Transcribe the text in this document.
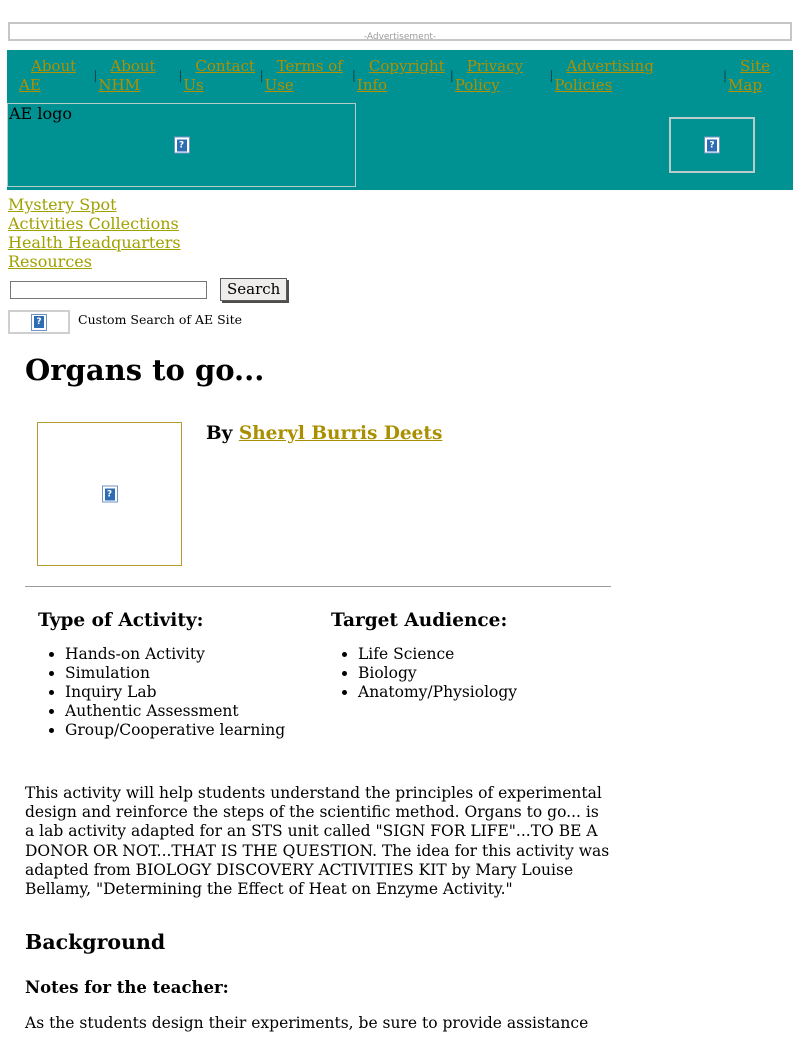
-Advertisement-
About AE
| About NHM
| Contact Us
| Terms of Use
| Copyright Info
| Privacy Policy
| Advertising Policies
| Site Map
AE logo
?	?
Mystery Spot
Activities Collections
Health Headquarters
Resources
Search
?	Custom Search of AE Site
Organs to go...
?
By Sheryl Burris Deets
Type of Activity:
• Hands-on Activity
• Simulation
• Inquiry Lab
• Authentic Assessment
• Group/Cooperative learning
Target Audience:
• Life Science
• Biology
• Anatomy/Physiology

This activity will help students understand the principles of experimental design and reinforce the steps of the scientific method. Organs to go... is a lab activity adapted for an STS unit called "SIGN FOR LIFE"...TO BE A DONOR OR NOT...THAT IS THE QUESTION. The idea for this activity was adapted from BIOLOGY DISCOVERY ACTIVITIES KIT by Mary Louise Bellamy, "Determining the Effect of Heat on Enzyme Activity."

Background
Notes for the teacher:

As the students design their experiments, be sure to provide assistance
